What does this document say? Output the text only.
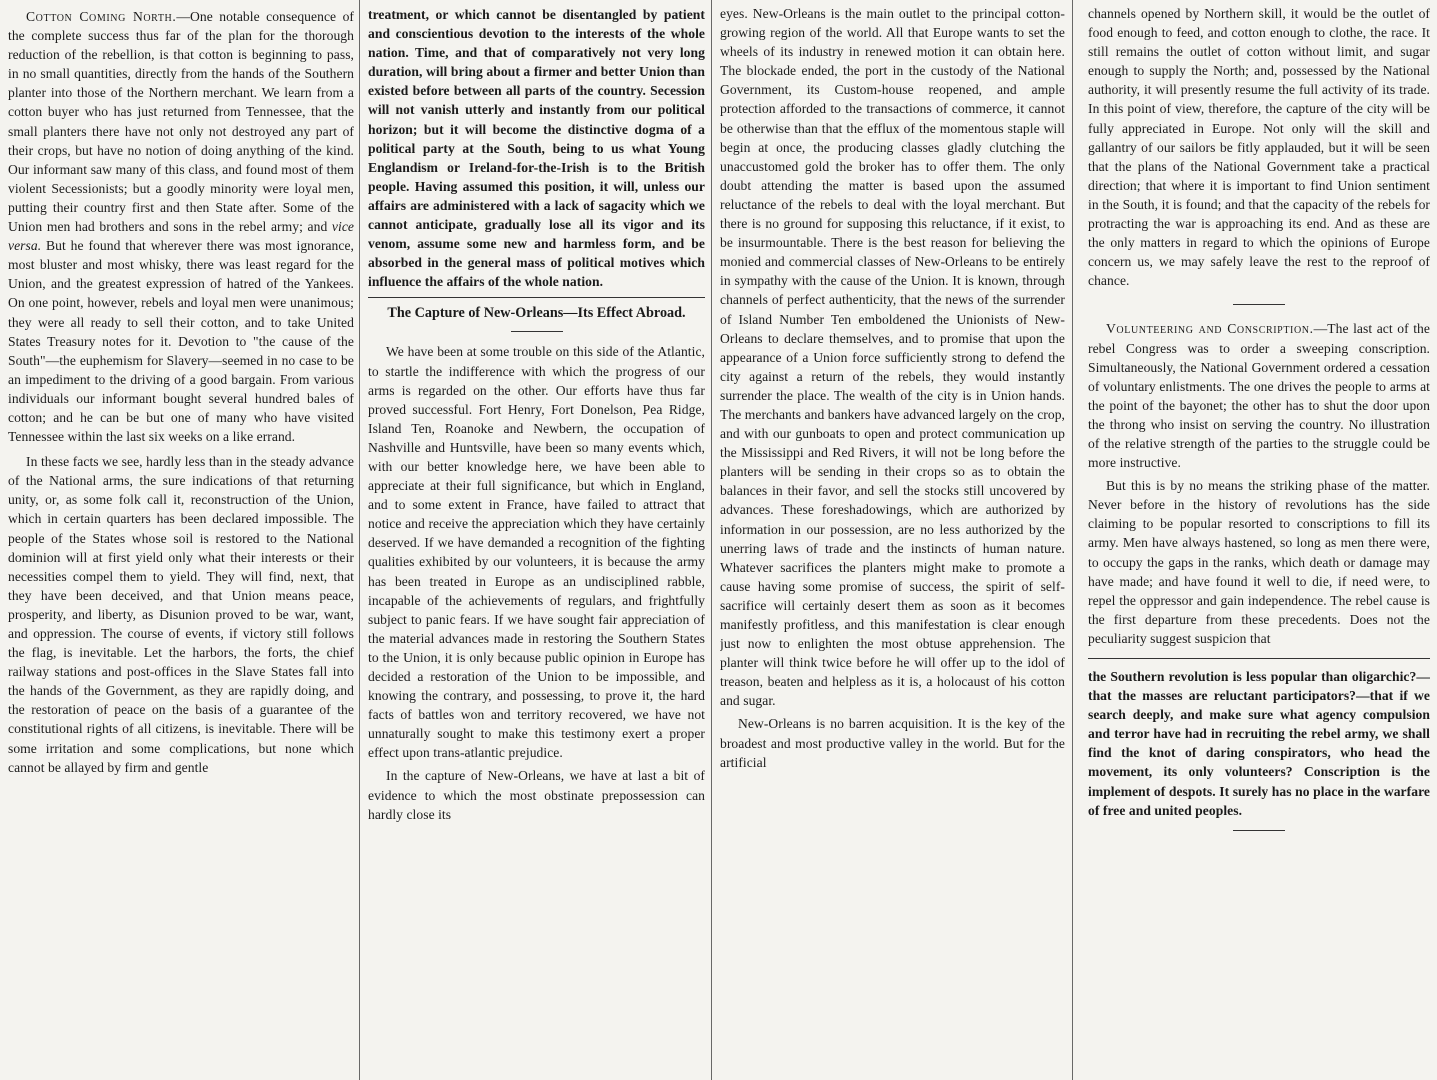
Cotton Coming North.—One notable consequence of the complete success thus far of the plan for the thorough reduction of the rebellion, is that cotton is beginning to pass, in no small quantities, directly from the hands of the Southern planter into those of the Northern merchant. We learn from a cotton buyer who has just returned from Tennessee, that the small planters there have not only not destroyed any part of their crops, but have no notion of doing anything of the kind. Our informant saw many of this class, and found most of them violent Secessionists; but a goodly minority were loyal men, putting their country first and then State after. Some of the Union men had brothers and sons in the rebel army; and vice versa. But he found that wherever there was most ignorance, most bluster and most whisky, there was least regard for the Union, and the greatest expression of hatred of the Yankees. On one point, however, rebels and loyal men were unanimous; they were all ready to sell their cotton, and to take United States Treasury notes for it. Devotion to "the cause of the South"—the euphemism for Slavery—seemed in no case to be an impediment to the driving of a good bargain. From various individuals our informant bought several hundred bales of cotton; and he can be but one of many who have visited Tennessee within the last six weeks on a like errand.

In these facts we see, hardly less than in the steady advance of the National arms, the sure indications of that returning unity, or, as some folk call it, reconstruction of the Union, which in certain quarters has been declared impossible. The people of the States whose soil is restored to the National dominion will at first yield only what their interests or their necessities compel them to yield. They will find, next, that they have been deceived, and that Union means peace, prosperity, and liberty, as Disunion proved to be war, want, and oppression. The course of events, if victory still follows the flag, is inevitable. Let the harbors, the forts, the chief railway stations and post-offices in the Slave States fall into the hands of the Government, as they are rapidly doing, and the restoration of peace on the basis of a guarantee of the constitutional rights of all citizens, is inevitable. There will be some irritation and some complications, but none which cannot be allayed by firm and gentle

treatment, or which cannot be disentangled by patient and conscientious devotion to the interests of the whole nation. Time, and that of comparatively not very long duration, will bring about a firmer and better Union than existed before between all parts of the country. Secession will not vanish utterly and instantly from our political horizon; but it will become the distinctive dogma of a political party at the South, being to us what Young Englandism or Ireland-for-the-Irish is to the British people. Having assumed this position, it will, unless our affairs are administered with a lack of sagacity which we cannot anticipate, gradually lose all its vigor and its venom, assume some new and harmless form, and be absorbed in the general mass of political motives which influence the affairs of the whole nation.

The Capture of New-Orleans—Its Effect Abroad.

We have been at some trouble on this side of the Atlantic, to startle the indifference with which the progress of our arms is regarded on the other. Our efforts have thus far proved successful. Fort Henry, Fort Donelson, Pea Ridge, Island Ten, Roanoke and Newbern, the occupation of Nashville and Huntsville, have been so many events which, with our better knowledge here, we have been able to appreciate at their full significance, but which in England, and to some extent in France, have failed to attract that notice and receive the appreciation which they have certainly deserved. If we have demanded a recognition of the fighting qualities exhibited by our volunteers, it is because the army has been treated in Europe as an undisciplined rabble, incapable of the achievements of regulars, and frightfully subject to panic fears. If we have sought fair appreciation of the material advances made in restoring the Southern States to the Union, it is only because public opinion in Europe has decided a restoration of the Union to be impossible, and knowing the contrary, and possessing, to prove it, the hard facts of battles won and territory recovered, we have not unnaturally sought to make this testimony exert a proper effect upon trans-atlantic prejudice.

In the capture of New-Orleans, we have at last a bit of evidence to which the most obstinate prepossession can hardly close its

eyes. New-Orleans is the main outlet to the principal cotton-growing region of the world. All that Europe wants to set the wheels of its industry in renewed motion it can obtain here. The blockade ended, the port in the custody of the National Government, its Custom-house reopened, and ample protection afforded to the transactions of commerce, it cannot be otherwise than that the efflux of the momentous staple will begin at once, the producing classes gladly clutching the unaccustomed gold the broker has to offer them. The only doubt attending the matter is based upon the assumed reluctance of the rebels to deal with the loyal merchant. But there is no ground for supposing this reluctance, if it exist, to be insurmountable. There is the best reason for believing the monied and commercial classes of New-Orleans to be entirely in sympathy with the cause of the Union. It is known, through channels of perfect authenticity, that the news of the surrender of Island Number Ten emboldened the Unionists of New-Orleans to declare themselves, and to promise that upon the appearance of a Union force sufficiently strong to defend the city against a return of the rebels, they would instantly surrender the place. The wealth of the city is in Union hands. The merchants and bankers have advanced largely on the crop, and with our gunboats to open and protect communication up the Mississippi and Red Rivers, it will not be long before the planters will be sending in their crops so as to obtain the balances in their favor, and sell the stocks still uncovered by advances. These foreshadowings, which are authorized by information in our possession, are no less authorized by the unerring laws of trade and the instincts of human nature. Whatever sacrifices the planters might make to promote a cause having some promise of success, the spirit of self-sacrifice will certainly desert them as soon as it becomes manifestly profitless, and this manifestation is clear enough just now to enlighten the most obtuse apprehension. The planter will think twice before he will offer up to the idol of treason, beaten and helpless as it is, a holocaust of his cotton and sugar.

New-Orleans is no barren acquisition. It is the key of the broadest and most productive valley in the world. But for the artificial

channels opened by Northern skill, it would be the outlet of food enough to feed, and cotton enough to clothe, the race. It still remains the outlet of cotton without limit, and sugar enough to supply the North; and, possessed by the National authority, it will presently resume the full activity of its trade. In this point of view, therefore, the capture of the city will be fully appreciated in Europe. Not only will the skill and gallantry of our sailors be fitly applauded, but it will be seen that the plans of the National Government take a practical direction; that where it is important to find Union sentiment in the South, it is found; and that the capacity of the rebels for protracting the war is approaching its end. And as these are the only matters in regard to which the opinions of Europe concern us, we may safely leave the rest to the reproof of chance.

Volunteering and Conscription.—The last act of the rebel Congress was to order a sweeping conscription. Simultaneously, the National Government ordered a cessation of voluntary enlistments. The one drives the people to arms at the point of the bayonet; the other has to shut the door upon the throng who insist on serving the country. No illustration of the relative strength of the parties to the struggle could be more instructive.

But this is by no means the striking phase of the matter. Never before in the history of revolutions has the side claiming to be popular resorted to conscriptions to fill its army. Men have always hastened, so long as men there were, to occupy the gaps in the ranks, which death or damage may have made; and have found it well to die, if need were, to repel the oppressor and gain independence. The rebel cause is the first departure from these precedents. Does not the peculiarity suggest suspicion that

the Southern revolution is less popular than oligarchic?—that the masses are reluctant participators?—that if we search deeply, and make sure what agency compulsion and terror have had in recruiting the rebel army, we shall find the knot of daring conspirators, who head the movement, its only volunteers? Conscription is the implement of despots. It surely has no place in the warfare of free and united peoples.
